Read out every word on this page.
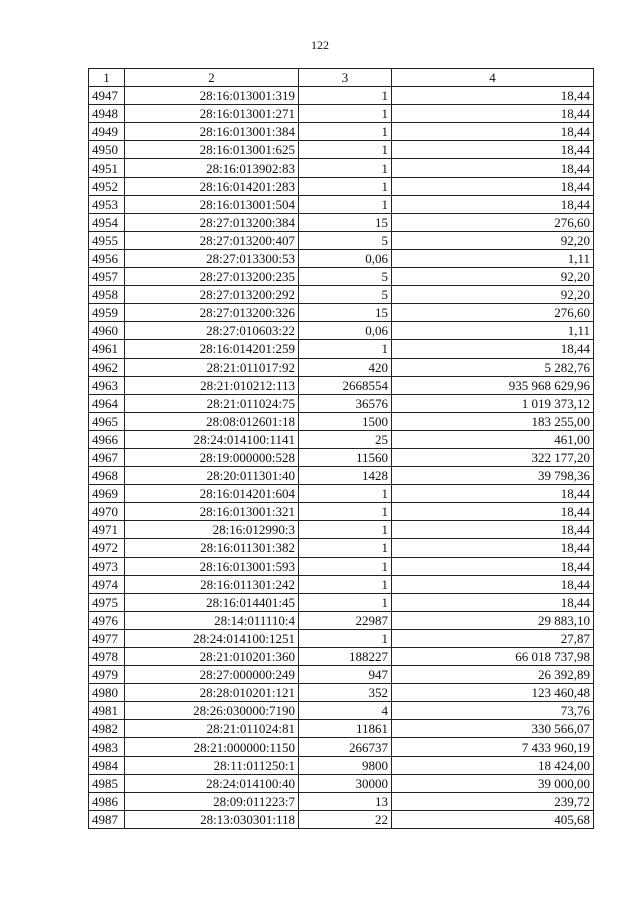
122
1	2	3	4
4947	28:16:013001:319	1	18,44
4948	28:16:013001:271	1	18,44
4949	28:16:013001:384	1	18,44
4950	28:16:013001:625	1	18,44
4951	28:16:013902:83	1	18,44
4952	28:16:014201:283	1	18,44
4953	28:16:013001:504	1	18,44
4954	28:27:013200:384	15	276,60
4955	28:27:013200:407	5	92,20
4956	28:27:013300:53	0,06	1,11
4957	28:27:013200:235	5	92,20
4958	28:27:013200:292	5	92,20
4959	28:27:013200:326	15	276,60
4960	28:27:010603:22	0,06	1,11
4961	28:16:014201:259	1	18,44
4962	28:21:011017:92	420	5 282,76
4963	28:21:010212:113	2668554	935 968 629,96
4964	28:21:011024:75	36576	1 019 373,12
4965	28:08:012601:18	1500	183 255,00
4966	28:24:014100:1141	25	461,00
4967	28:19:000000:528	11560	322 177,20
4968	28:20:011301:40	1428	39 798,36
4969	28:16:014201:604	1	18,44
4970	28:16:013001:321	1	18,44
4971	28:16:012990:3	1	18,44
4972	28:16:011301:382	1	18,44
4973	28:16:013001:593	1	18,44
4974	28:16:011301:242	1	18,44
4975	28:16:014401:45	1	18,44
4976	28:14:011110:4	22987	29 883,10
4977	28:24:014100:1251	1	27,87
4978	28:21:010201:360	188227	66 018 737,98
4979	28:27:000000:249	947	26 392,89
4980	28:28:010201:121	352	123 460,48
4981	28:26:030000:7190	4	73,76
4982	28:21:011024:81	11861	330 566,07
4983	28:21:000000:1150	266737	7 433 960,19
4984	28:11:011250:1	9800	18 424,00
4985	28:24:014100:40	30000	39 000,00
4986	28:09:011223:7	13	239,72
4987	28:13:030301:118	22	405,68
